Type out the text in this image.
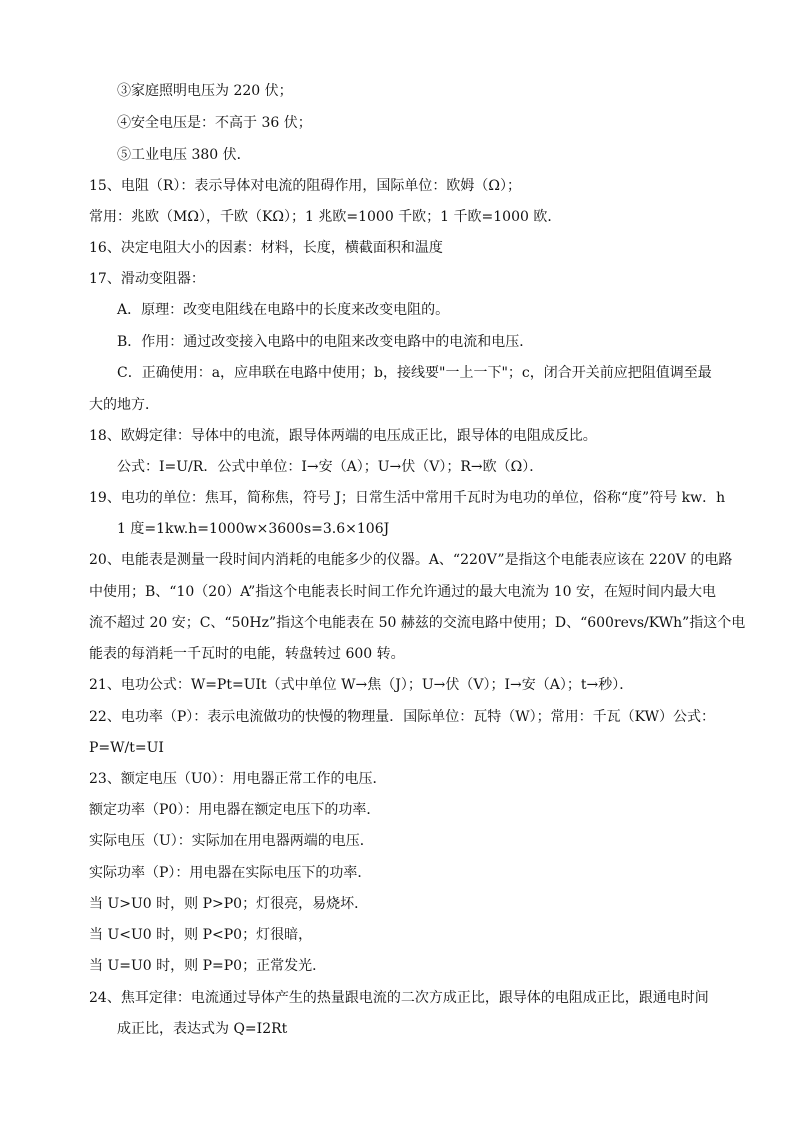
③家庭照明电压为 220 伏；
④安全电压是：不高于 36 伏；
⑤工业电压 380 伏．
15、电阻（R）：表示导体对电流的阻碍作用，国际单位：欧姆（Ω）；
常用：兆欧（MΩ），千欧（KΩ）；1 兆欧=1000 千欧；1 千欧=1000 欧．
16、决定电阻大小的因素：材料，长度，横截面积和温度
17、滑动变阻器：
A．原理：改变电阻线在电路中的长度来改变电阻的。
B．作用：通过改变接入电路中的电阻来改变电路中的电流和电压．
C．正确使用：a，应串联在电路中使用；b，接线要"一上一下"；c，闭合开关前应把阻值调至最
大的地方．
18、欧姆定律：导体中的电流，跟导体两端的电压成正比，跟导体的电阻成反比。
公式：I=U/R．公式中单位：I→安（A）；U→伏（V）；R→欧（Ω）．
19、电功的单位：焦耳，简称焦，符号 J；日常生活中常用千瓦时为电功的单位，俗称“度”符号 kw．h
1 度=1kw.h=1000w×3600s=3.6×106J
20、电能表是测量一段时间内消耗的电能多少的仪器。A、“220V”是指这个电能表应该在 220V 的电路
中使用；B、“10（20）A”指这个电能表长时间工作允许通过的最大电流为 10 安，在短时间内最大电
流不超过 20 安；C、“50Hz”指这个电能表在 50 赫兹的交流电路中使用；D、“600revs/KWh”指这个电
能表的每消耗一千瓦时的电能，转盘转过 600 转。
21、电功公式：W=Pt=UIt（式中单位 W→焦（J）；U→伏（V）；I→安（A）；t→秒）．
22、电功率（P）：表示电流做功的快慢的物理量．国际单位：瓦特（W）；常用：千瓦（KW）公式：
P=W/t=UI
23、额定电压（U0）：用电器正常工作的电压．
额定功率（P0）：用电器在额定电压下的功率．
实际电压（U）：实际加在用电器两端的电压．
实际功率（P）：用电器在实际电压下的功率．
当 U>U0 时，则 P>P0；灯很亮，易烧坏．
当 U<U0 时，则 P<P0；灯很暗，
当 U=U0 时，则 P=P0；正常发光．
24、焦耳定律：电流通过导体产生的热量跟电流的二次方成正比，跟导体的电阻成正比，跟通电时间
成正比，表达式为 Q=I2Rt
